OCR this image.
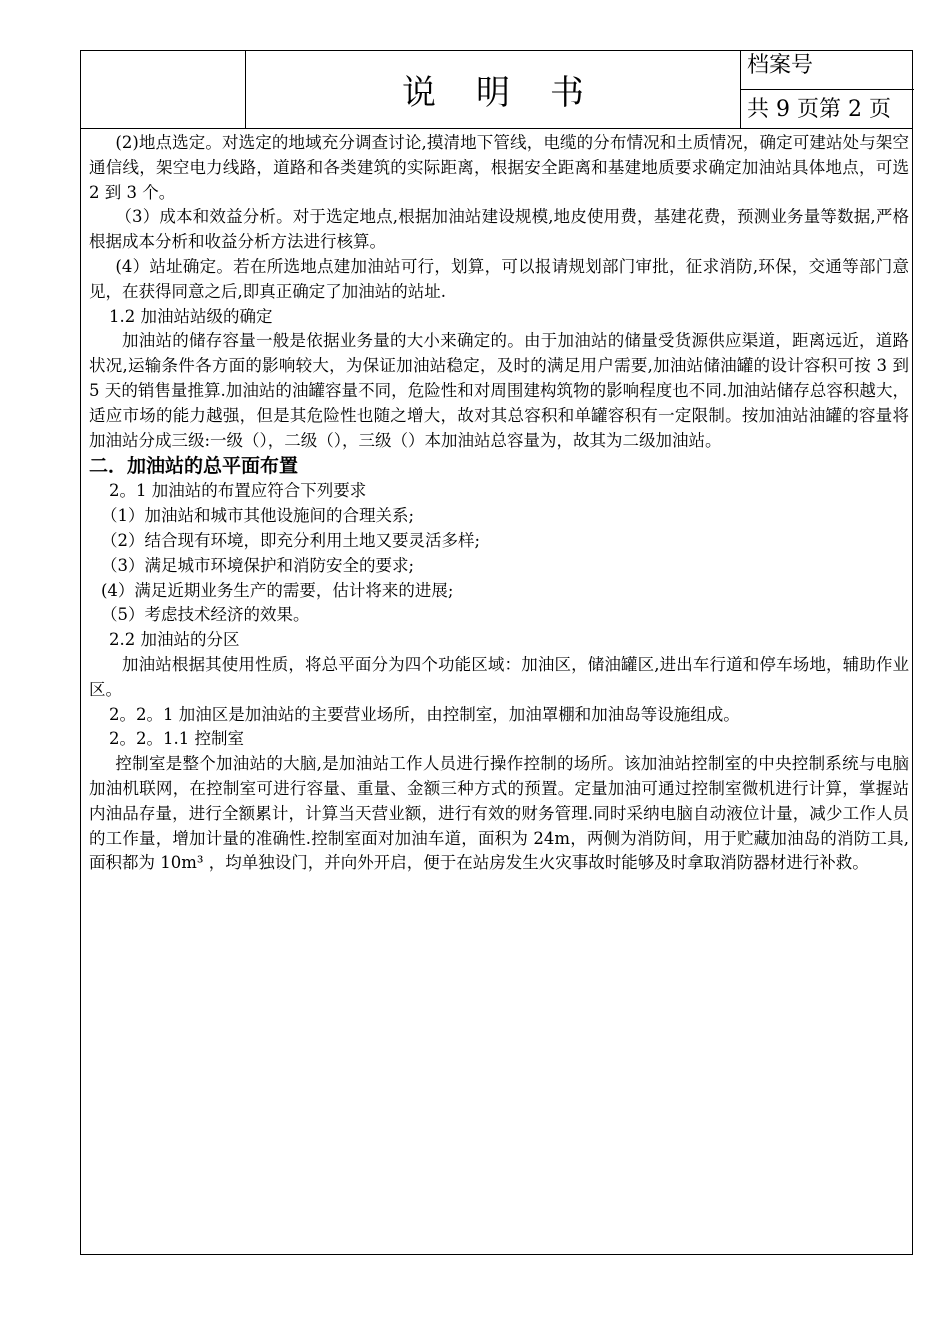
说明书
档案号
共 9 页第 2 页

(2)地点选定。对选定的地域充分调查讨论,摸清地下管线，电缆的分布情况和土质情况，确定可建站处与架空通信线，架空电力线路，道路和各类建筑的实际距离，根据安全距离和基建地质要求确定加油站具体地点，可选 2 到 3 个。

（3）成本和效益分析。对于选定地点,根据加油站建设规模,地皮使用费，基建花费，预测业务量等数据,严格根据成本分析和收益分析方法进行核算。

(4）站址确定。若在所选地点建加油站可行，划算，可以报请规划部门审批，征求消防,环保，交通等部门意见，在获得同意之后,即真正确定了加油站的站址.

1.2 加油站站级的确定

加油站的储存容量一般是依据业务量的大小来确定的。由于加油站的储量受货源供应渠道，距离远近，道路状况,运输条件各方面的影响较大，为保证加油站稳定，及时的满足用户需要,加油站储油罐的设计容积可按 3 到 5 天的销售量推算.加油站的油罐容量不同，危险性和对周围建构筑物的影响程度也不同.加油站储存总容积越大，适应市场的能力越强，但是其危险性也随之增大，故对其总容积和单罐容积有一定限制。按加油站油罐的容量将加油站分成三级:一级（），二级（），三级（）本加油站总容量为，故其为二级加油站。

二．加油站的总平面布置

2。1 加油站的布置应符合下列要求

（1）加油站和城市其他设施间的合理关系;

（2）结合现有环境，即充分利用土地又要灵活多样;

（3）满足城市环境保护和消防安全的要求;

(4）满足近期业务生产的需要，估计将来的进展;

（5）考虑技术经济的效果。

2.2 加油站的分区

加油站根据其使用性质，将总平面分为四个功能区域：加油区，储油罐区,进出车行道和停车场地，辅助作业区。

2。2。1 加油区是加油站的主要营业场所，由控制室，加油罩棚和加油岛等设施组成。

2。2。1.1 控制室

控制室是整个加油站的大脑,是加油站工作人员进行操作控制的场所。该加油站控制室的中央控制系统与电脑加油机联网，在控制室可进行容量、重量、金额三种方式的预置。定量加油可通过控制室微机进行计算，掌握站内油品存量，进行全额累计，计算当天营业额，进行有效的财务管理.同时采纳电脑自动液位计量，减少工作人员的工作量，增加计量的准确性.控制室面对加油车道，面积为 24m，两侧为消防间，用于贮藏加油岛的消防工具,面积都为 10m³ ，均单独设门，并向外开启，便于在站房发生火灾事故时能够及时拿取消防器材进行补救。
